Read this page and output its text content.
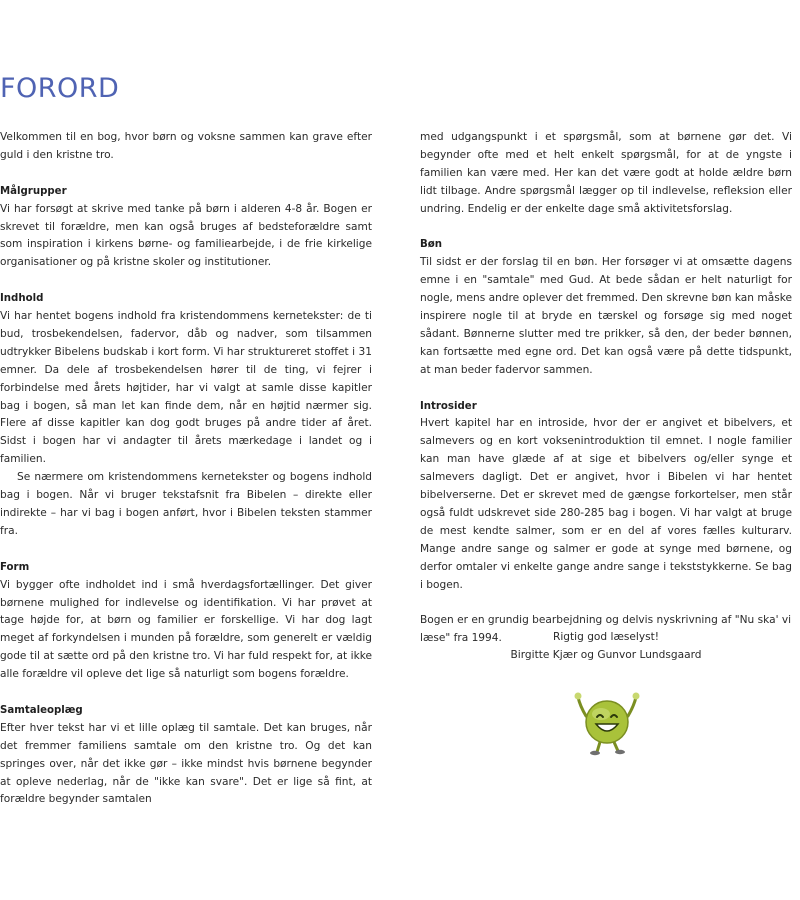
FORORD

Velkommen til en bog, hvor børn og voksne sammen kan grave efter guld i den kristne tro.

Målgrupper

Vi har forsøgt at skrive med tanke på børn i alderen 4-8 år. Bogen er skrevet til forældre, men kan også bruges af bedsteforældre samt som inspiration i kirkens børne- og familiearbejde, i de frie kirkelige organisationer og på kristne skoler og institutioner.

Indhold

Vi har hentet bogens indhold fra kristendommens kernetekster: de ti bud, trosbekendelsen, fadervor, dåb og nadver, som tilsammen udtrykker Bibelens budskab i kort form. Vi har struktureret stoffet i 31 emner. Da dele af trosbekendelsen hører til de ting, vi fejrer i forbindelse med årets højtider, har vi valgt at samle disse kapitler bag i bogen, så man let kan finde dem, når en højtid nærmer sig. Flere af disse kapitler kan dog godt bruges på andre tider af året. Sidst i bogen har vi andagter til årets mærkedage i landet og i familien.

Se nærmere om kristendommens kernetekster og bogens indhold bag i bogen. Når vi bruger tekstafsnit fra Bibelen – direkte eller indirekte – har vi bag i bogen anført, hvor i Bibelen teksten stammer fra.

Form

Vi bygger ofte indholdet ind i små hverdagsfortællinger. Det giver børnene mulighed for indlevelse og identifikation. Vi har prøvet at tage højde for, at børn og familier er forskellige. Vi har dog lagt meget af forkyndelsen i munden på forældre, som generelt er vældig gode til at sætte ord på den kristne tro. Vi har fuld respekt for, at ikke alle forældre vil opleve det lige så naturligt som bogens forældre.

Samtaleoplæg

Efter hver tekst har vi et lille oplæg til samtale. Det kan bruges, når det fremmer familiens samtale om den kristne tro. Og det kan springes over, når det ikke gør – ikke mindst hvis børnene begynder at opleve nederlag, når de "ikke kan svare". Det er lige så fint, at forældre begynder samtalen

med udgangspunkt i et spørgsmål, som at børnene gør det. Vi begynder ofte med et helt enkelt spørgsmål, for at de yngste i familien kan være med. Her kan det være godt at holde ældre børn lidt tilbage. Andre spørgsmål lægger op til indlevelse, refleksion eller undring. Endelig er der enkelte dage små aktivitetsforslag.

Bøn

Til sidst er der forslag til en bøn. Her forsøger vi at omsætte dagens emne i en "samtale" med Gud. At bede sådan er helt naturligt for nogle, mens andre oplever det fremmed. Den skrevne bøn kan måske inspirere nogle til at bryde en tærskel og forsøge sig med noget sådant. Bønnerne slutter med tre prikker, så den, der beder bønnen, kan fortsætte med egne ord. Det kan også være på dette tidspunkt, at man beder fadervor sammen.

Introsider

Hvert kapitel har en introside, hvor der er angivet et bibelvers, et salmevers og en kort voksenintroduktion til emnet. I nogle familier kan man have glæde af at sige et bibelvers og/eller synge et salmevers dagligt. Det er angivet, hvor i Bibelen vi har hentet bibelverserne. Det er skrevet med de gængse forkortelser, men står også fuldt udskrevet side 280-285 bag i bogen. Vi har valgt at bruge de mest kendte salmer, som er en del af vores fælles kulturarv. Mange andre sange og salmer er gode at synge med børnene, og derfor omtaler vi enkelte gange andre sange i tekststykkerne. Se bag i bogen.

Bogen er en grundig bearbejdning og delvis nyskrivning af "Nu ska' vi læse" fra 1994.	Rigtig god læselyst!

Birgitte Kjær og Gunvor Lundsgaard
